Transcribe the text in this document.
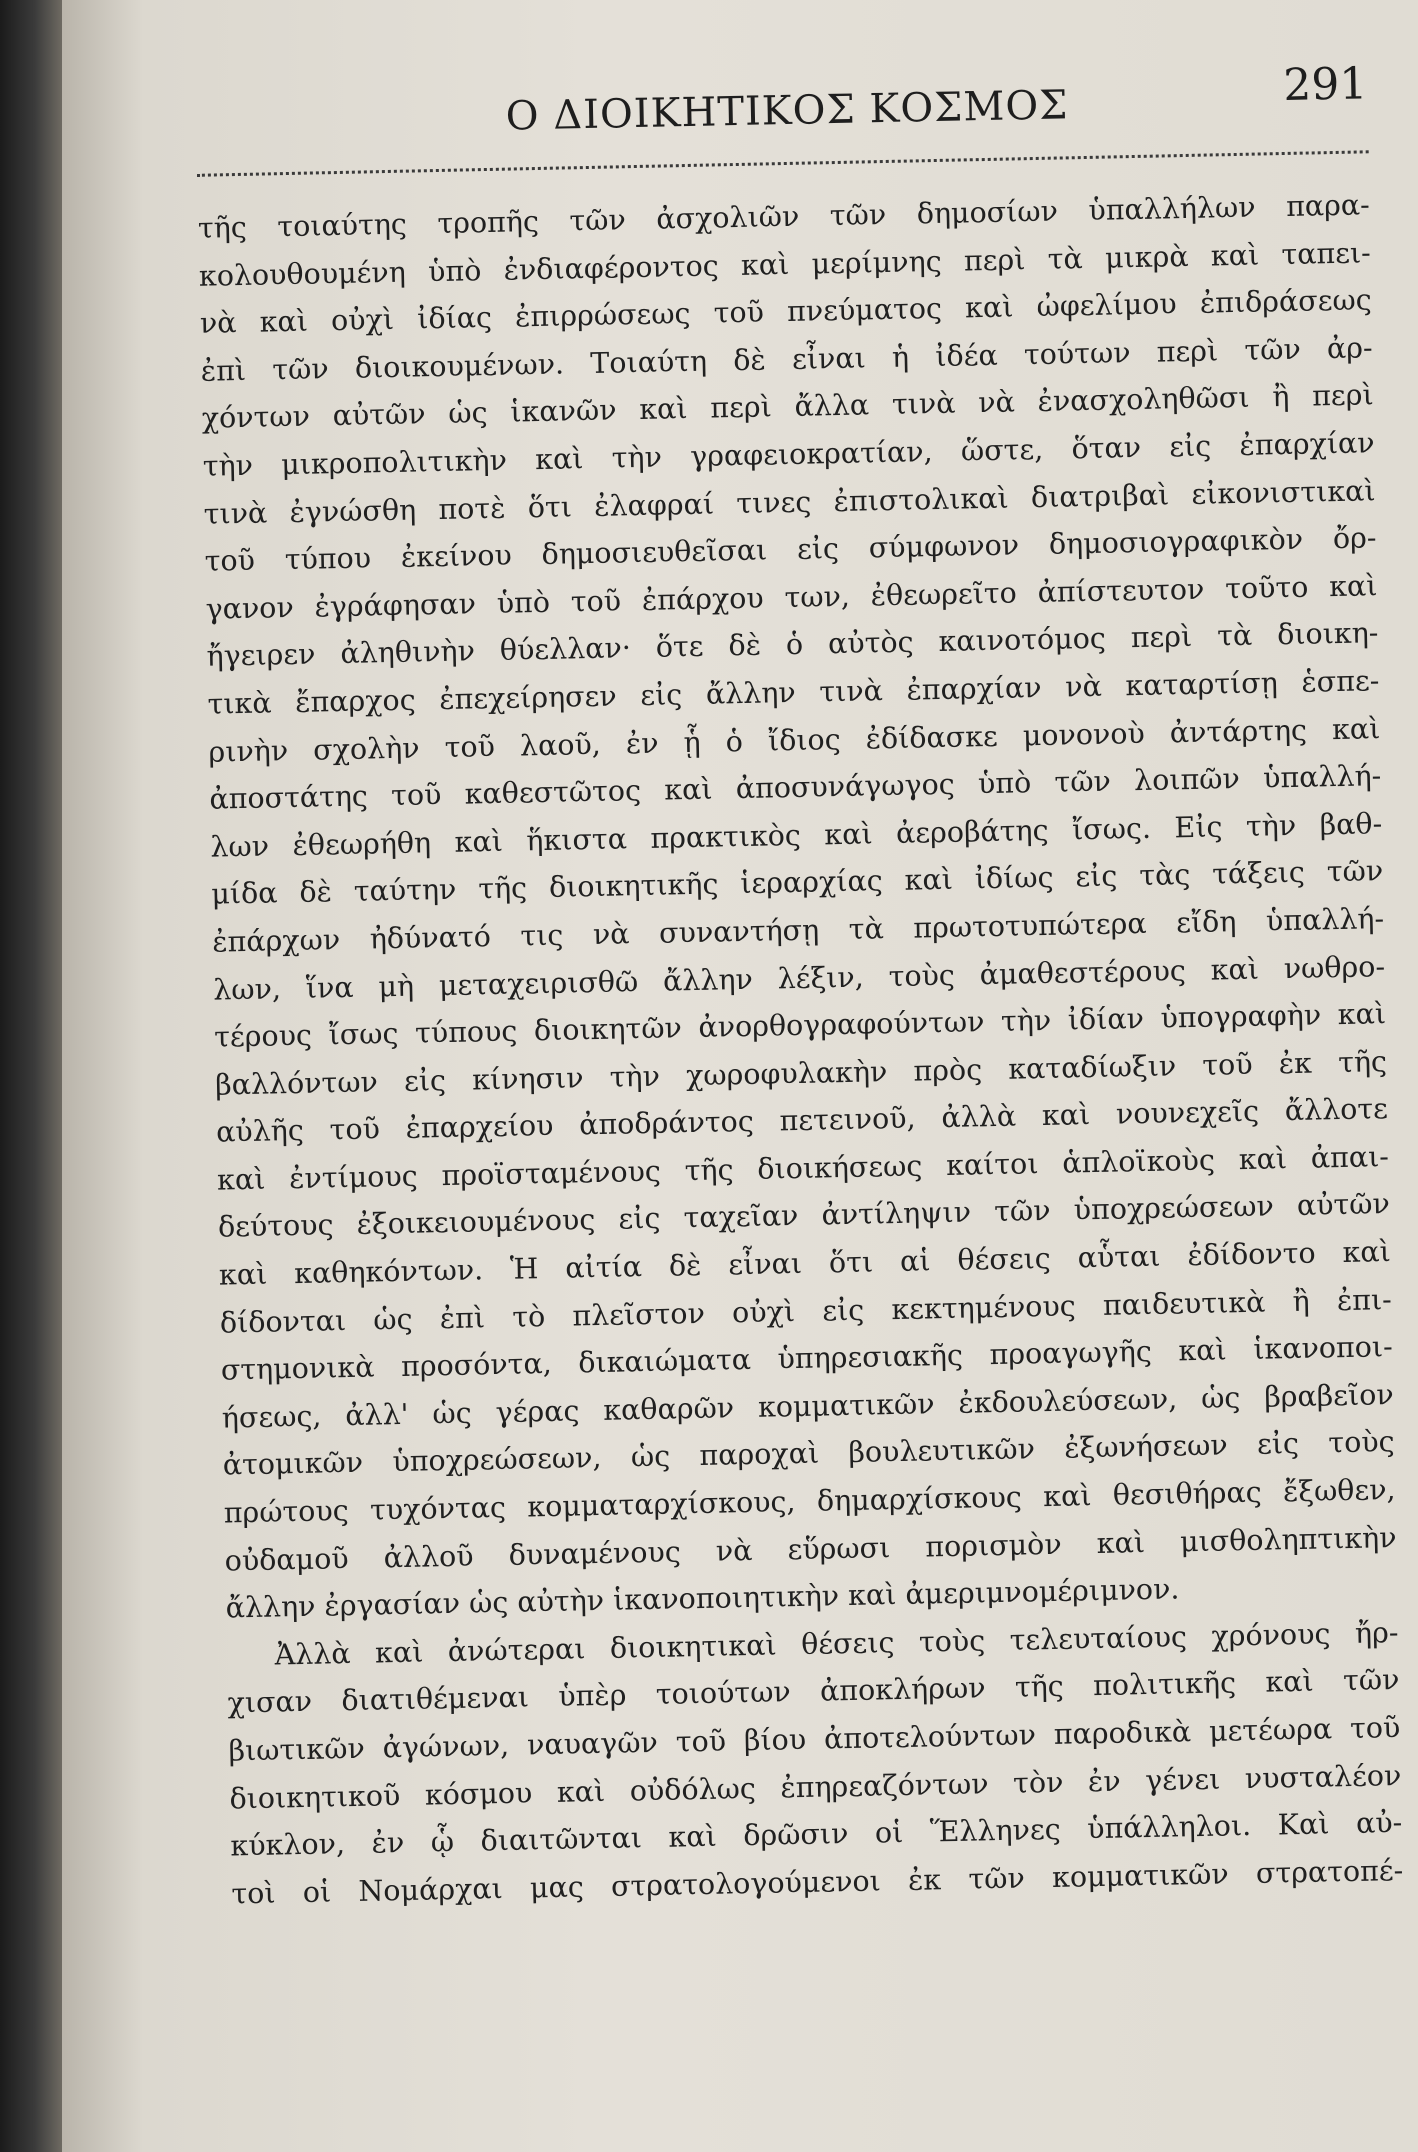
Ο ΔΙΟΙΚΗΤΙΚΟΣ ΚΟΣΜΟΣ	291
τῆς τοιαύτης τροπῆς τῶν ἀσχολιῶν τῶν δημοσίων ὑπαλλήλων παρα-
κολουθουμένη ὑπὸ ἐνδιαφέροντος καὶ μερίμνης περὶ τὰ μικρὰ καὶ ταπει-
νὰ καὶ οὐχὶ ἰδίας ἐπιρρώσεως τοῦ πνεύματος καὶ ὠφελίμου ἐπιδράσεως
ἐπὶ τῶν διοικουμένων. Τοιαύτη δὲ εἶναι ἡ ἰδέα τούτων περὶ τῶν ἀρ-
χόντων αὐτῶν ὡς ἱκανῶν καὶ περὶ ἄλλα τινὰ νὰ ἐνασχοληθῶσι ἢ περὶ
τὴν μικροπολιτικὴν καὶ τὴν γραφειοκρατίαν, ὥστε, ὅταν εἰς ἐπαρχίαν
τινὰ ἐγνώσθη ποτὲ ὅτι ἐλαφραί τινες ἐπιστολικαὶ διατριβαὶ εἰκονιστικαὶ
τοῦ τύπου ἐκείνου δημοσιευθεῖσαι εἰς σύμφωνον δημοσιογραφικὸν ὄρ-
γανον ἐγράφησαν ὑπὸ τοῦ ἐπάρχου των, ἐθεωρεῖτο ἀπίστευτον τοῦτο καὶ
ἤγειρεν ἀληθινὴν θύελλαν· ὅτε δὲ ὁ αὐτὸς καινοτόμος περὶ τὰ διοικη-
τικὰ ἔπαρχος ἐπεχείρησεν εἰς ἄλλην τινὰ ἐπαρχίαν νὰ καταρτίσῃ ἑσπε-
ρινὴν σχολὴν τοῦ λαοῦ, ἐν ᾗ ὁ ἴδιος ἐδίδασκε μονονοὺ ἀντάρτης καὶ
ἀποστάτης τοῦ καθεστῶτος καὶ ἀποσυνάγωγος ὑπὸ τῶν λοιπῶν ὑπαλλή-
λων ἐθεωρήθη καὶ ἥκιστα πρακτικὸς καὶ ἀεροβάτης ἴσως. Εἰς τὴν βαθ-
μίδα δὲ ταύτην τῆς διοικητικῆς ἱεραρχίας καὶ ἰδίως εἰς τὰς τάξεις τῶν
ἐπάρχων ἠδύνατό τις νὰ συναντήσῃ τὰ πρωτοτυπώτερα εἴδη ὑπαλλή-
λων, ἵνα μὴ μεταχειρισθῶ ἄλλην λέξιν, τοὺς ἀμαθεστέρους καὶ νωθρο-
τέρους ἴσως τύπους διοικητῶν ἀνορθογραφούντων τὴν ἰδίαν ὑπογραφὴν καὶ
βαλλόντων εἰς κίνησιν τὴν χωροφυλακὴν πρὸς καταδίωξιν τοῦ ἐκ τῆς
αὐλῆς τοῦ ἐπαρχείου ἀποδράντος πετεινοῦ, ἀλλὰ καὶ νουνεχεῖς ἄλλοτε
καὶ ἐντίμους προϊσταμένους τῆς διοικήσεως καίτοι ἁπλοϊκοὺς καὶ ἀπαι-
δεύτους ἐξοικειουμένους εἰς ταχεῖαν ἀντίληψιν τῶν ὑποχρεώσεων αὐτῶν
καὶ καθηκόντων. Ἡ αἰτία δὲ εἶναι ὅτι αἱ θέσεις αὗται ἐδίδοντο καὶ
δίδονται ὡς ἐπὶ τὸ πλεῖστον οὐχὶ εἰς κεκτημένους παιδευτικὰ ἢ ἐπι-
στημονικὰ προσόντα, δικαιώματα ὑπηρεσιακῆς προαγωγῆς καὶ ἱκανοποι-
ήσεως, ἀλλ' ὡς γέρας καθαρῶν κομματικῶν ἐκδουλεύσεων, ὡς βραβεῖον
ἀτομικῶν ὑποχρεώσεων, ὡς παροχαὶ βουλευτικῶν ἐξωνήσεων εἰς τοὺς
πρώτους τυχόντας κομματαρχίσκους, δημαρχίσκους καὶ θεσιθήρας ἔξωθεν,
οὐδαμοῦ ἀλλοῦ δυναμένους νὰ εὕρωσι πορισμὸν καὶ μισθοληπτικὴν
ἄλλην ἐργασίαν ὡς αὐτὴν ἱκανοποιητικὴν καὶ ἀμεριμνομέριμνον.
Ἀλλὰ καὶ ἀνώτεραι διοικητικαὶ θέσεις τοὺς τελευταίους χρόνους ἤρ-
χισαν διατιθέμεναι ὑπὲρ τοιούτων ἀποκλήρων τῆς πολιτικῆς καὶ τῶν
βιωτικῶν ἀγώνων, ναυαγῶν τοῦ βίου ἀποτελούντων παροδικὰ μετέωρα τοῦ
διοικητικοῦ κόσμου καὶ οὐδόλως ἐπηρεαζόντων τὸν ἐν γένει νυσταλέον
κύκλον, ἐν ᾧ διαιτῶνται καὶ δρῶσιν οἱ Ἕλληνες ὑπάλληλοι. Καὶ αὐ-
τοὶ οἱ Νομάρχαι μας στρατολογούμενοι ἐκ τῶν κομματικῶν στρατοπέ-
